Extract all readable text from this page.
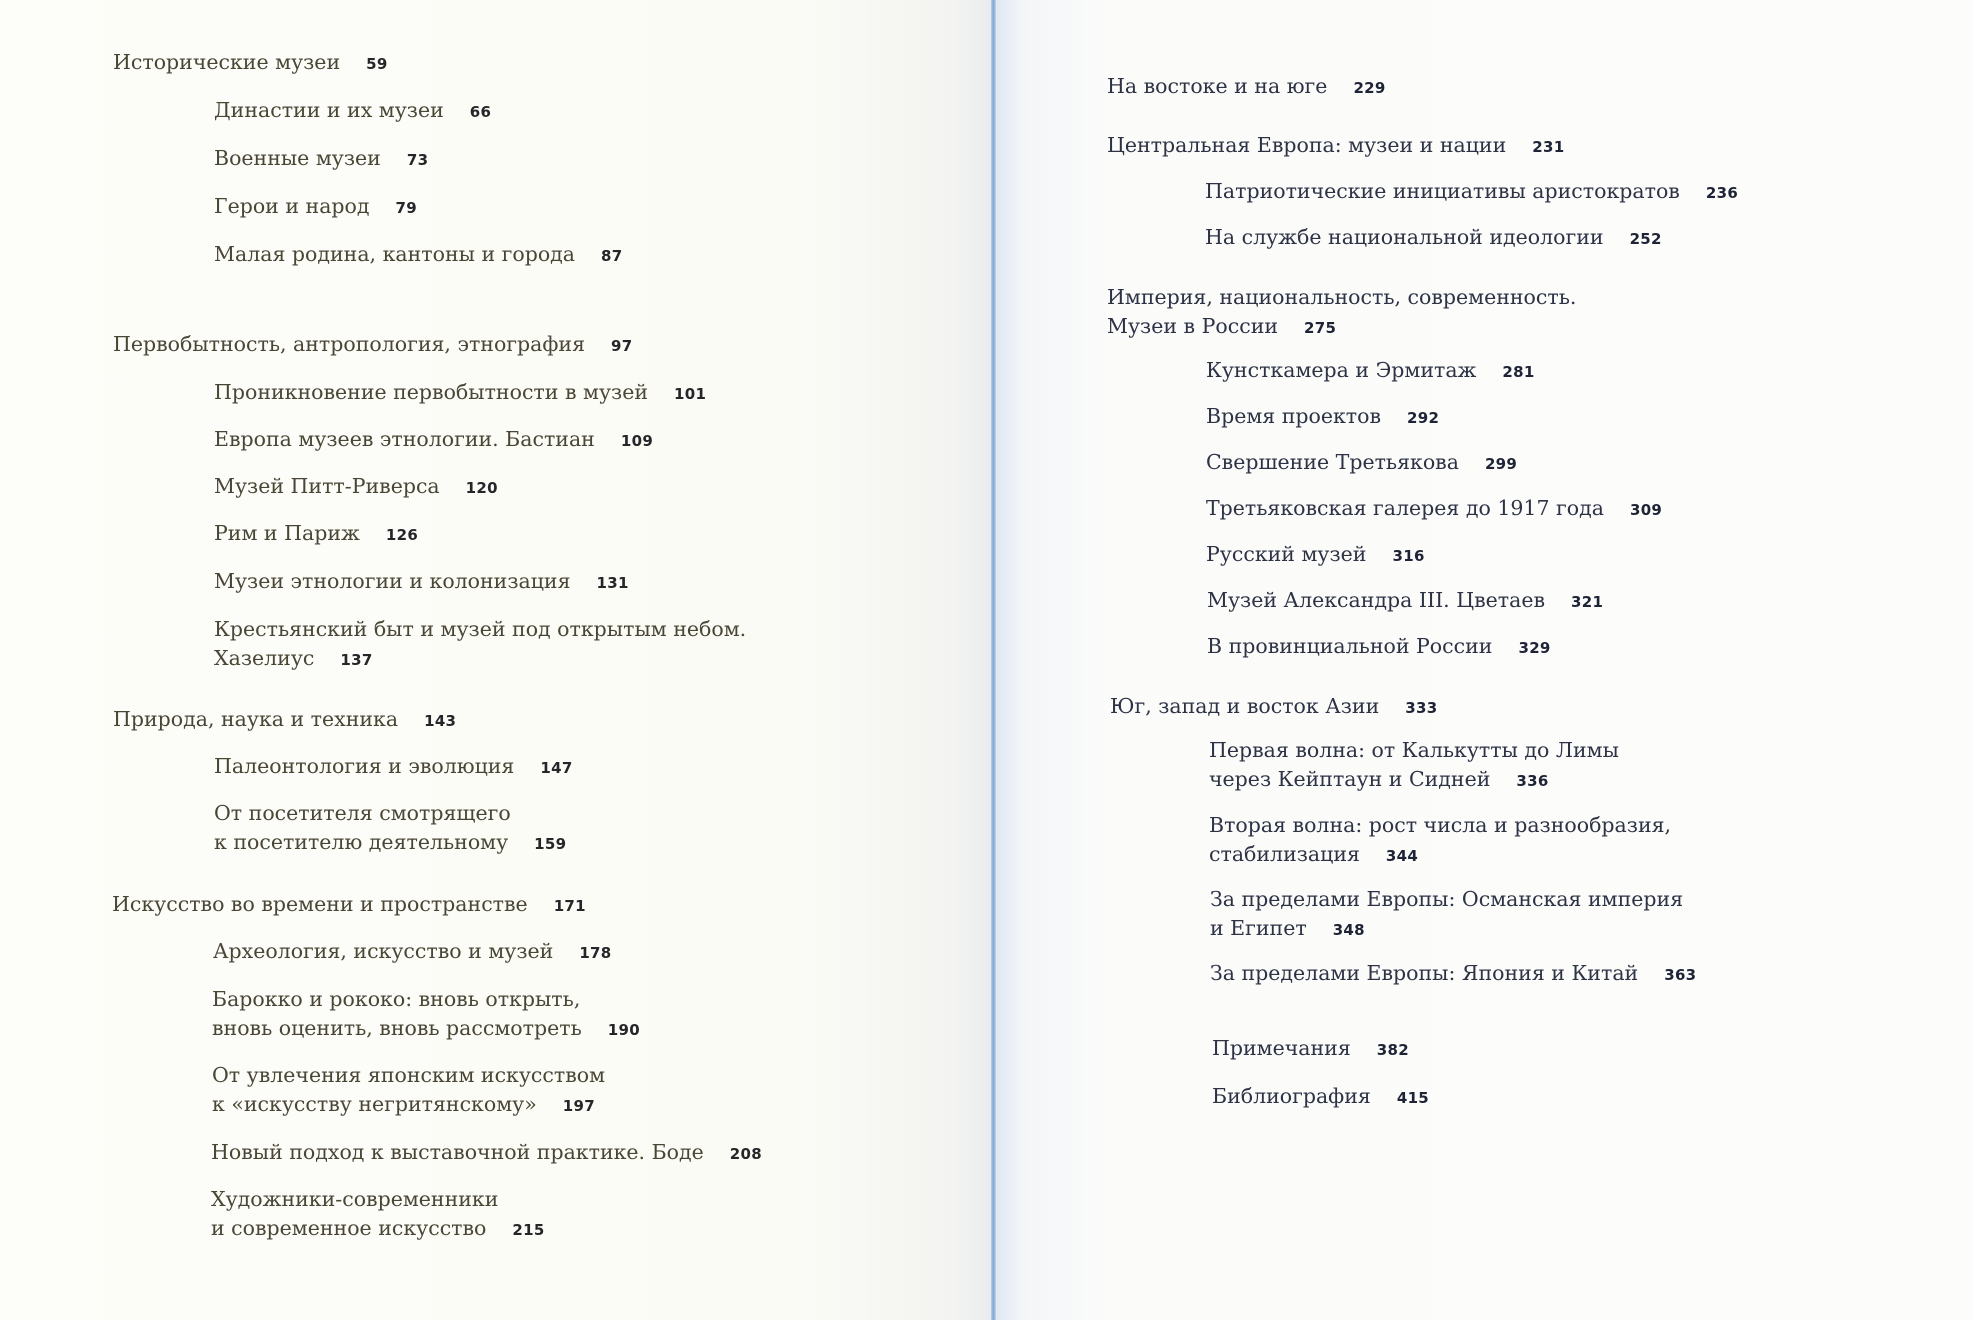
Исторические музеи 59
Династии и их музеи 66
Военные музеи 73
Герои и народ 79
Малая родина, кантоны и города 87
Первобытность, антропология, этнография 97
Проникновение первобытности в музей 101
Европа музеев этнологии. Бастиан 109
Музей Питт-Риверса 120
Рим и Париж 126
Музеи этнологии и колонизация 131
Крестьянский быт и музей под открытым небом.
Хазелиус 137
Природа, наука и техника 143
Палеонтология и эволюция 147
От посетителя смотрящего
к посетителю деятельному 159
Искусство во времени и пространстве 171
Археология, искусство и музей 178
Барокко и рококо: вновь открыть,
вновь оценить, вновь рассмотреть 190
От увлечения японским искусством
к «искусству негритянскому» 197
Новый подход к выставочной практике. Боде 208
Художники-современники
и современное искусство 215
На востоке и на юге 229
Центральная Европа: музеи и нации 231
Патриотические инициативы аристократов 236
На службе национальной идеологии 252
Империя, национальность, современность.
Музеи в России 275
Кунсткамера и Эрмитаж 281
Время проектов 292
Свершение Третьякова 299
Третьяковская галерея до 1917 года 309
Русский музей 316
Музей Александра III. Цветаев 321
В провинциальной России 329
Юг, запад и восток Азии 333
Первая волна: от Калькутты до Лимы
через Кейптаун и Сидней 336
Вторая волна: рост числа и разнообразия,
стабилизация 344
За пределами Европы: Османская империя
и Египет 348
За пределами Европы: Япония и Китай 363
Примечания 382
Библиография 415
